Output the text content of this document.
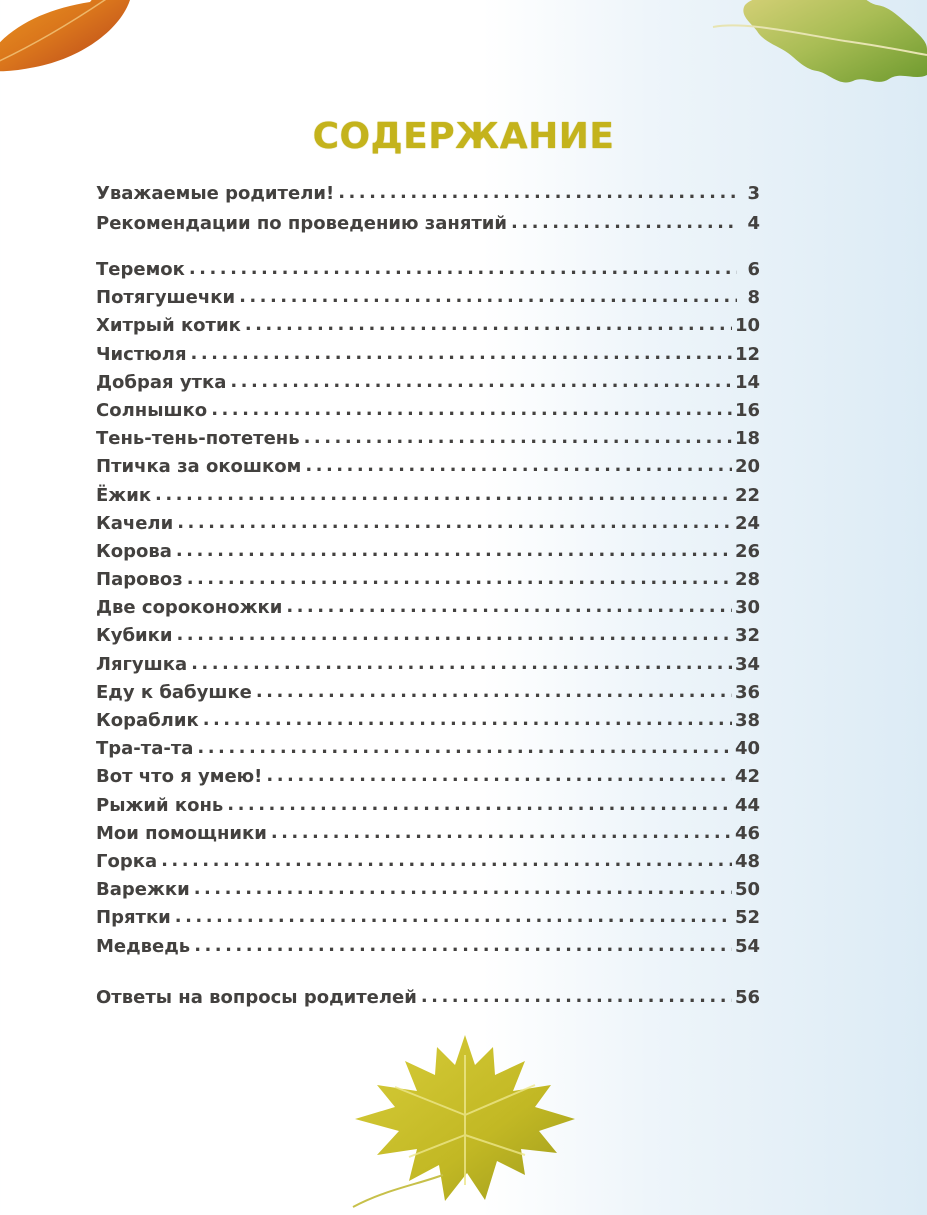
СОДЕРЖАНИЕ
Уважаемые родители! . . .	3
Рекомендации по проведению занятий . . .	4
Теремок . . .	6
Потягушечки . . .	8
Хитрый котик . . .	10
Чистюля . . .	12
Добрая утка . . .	14
Солнышко . . .	16
Тень-тень-потетень . . .	18
Птичка за окошком . . .	20
Ёжик . . .	22
Качели . . .	24
Корова . . .	26
Паровоз . . .	28
Две сороконожки . . .	30
Кубики . . .	32
Лягушка . . .	34
Еду к бабушке . . .	36
Кораблик . . .	38
Тра-та-та . . .	40
Вот что я умею! . . .	42
Рыжий конь . . .	44
Мои помощники . . .	46
Горка . . .	48
Варежки . . .	50
Прятки . . .	52
Медведь . . .	54
Ответы на вопросы родителей . . .	56
